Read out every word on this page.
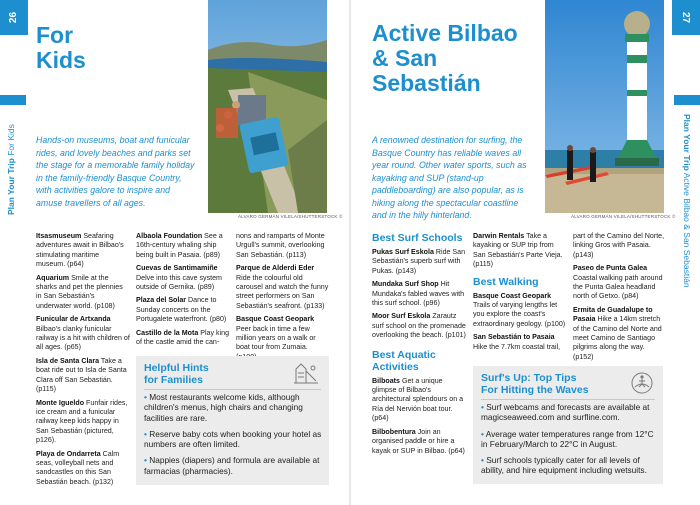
26
Plan Your Trip For Kids
For
Kids
Hands-on museums, boat and funicular rides, and lovely beaches and parks set the stage for a memorable family holiday in the family-friendly Basque Country, with activities galore to inspire and amuse travellers of all ages.
ÁLVARO GERMÁN VILELA/SHUTTERSTOCK ©
Itsasmuseum Seafaring adventures await in Bilbao's stimulating maritime museum. (p64)
Aquarium Smile at the sharks and pet the plennies in San Sebastián's underwater world. (p108)
Funicular de Artxanda Bilbao's clanky funicular railway is a hit with children of all ages. (p65)
Isla de Santa Clara Take a boat ride out to Isla de Santa Clara off San Sebastián. (p115)
Monte Igueldo Funfair rides, ice cream and a funicular railway keep kids happy in San Sebastián (pictured, p126).
Playa de Ondarreta Calm seas, volleyball nets and sandcastles on this San Sebastián beach. (p132)
Albaola Foundation See a 16th-century whaling ship being built in Pasaia. (p89)
Cuevas de Santimamiñe Delve into this cave system outside of Gernika. (p89)
Plaza del Solar Dance to Sunday concerts on the Portugalete waterfront. (p80)
Castillo de la Mota Play king of the castle amid the can-
nons and ramparts of Monte Urgull's summit, overlooking San Sebastián. (p113)
Parque de Alderdi Eder Ride the colourful old carousel and watch the funny street performers on San Sebastián's seafront. (p133)
Basque Coast Geopark Peer back in time a few million years on a walk or boat tour from Zumaia.
Helpful Hints
for Families
• Most restaurants welcome kids, although children's menus, high chairs and changing facilities are rare.
• Reserve baby cots when booking your hotel as numbers are often limited.
• Nappies (diapers) and formula are available at farmacias (pharmacies).
27
Plan Your Trip Active Bilbao & San Sebastián
Active Bilbao
& San
Sebastián
A renowned destination for surfing, the Basque Country has reliable waves all year round. Other water sports, such as kayaking and SUP (stand-up paddleboarding) are also popular, as is hiking along the spectacular coastline and in the hilly hinterland.	ÁLVARO GERMÁN VILELA/SHUTTERSTOCK ©
Best Surf Schools
Pukas Surf Eskola Ride San Sebastián's superb surf with Pukas. (p143)
Mundaka Surf Shop Hit Mundaka's fabled waves with this surf school. (p96)
Moor Surf Eskola Zarautz surf school on the promenade overlooking the beach. (p101)
Best Aquatic Activities
Bilboats Get a unique glimpse of Bilbao's architectural splendours on a Ría del Nervión boat tour. (p64)
Bilbobentura Join an organised paddle or hire a kayak or SUP in Bilbao. (p64)
Darwin Rentals Take a kayaking or SUP trip from San Sebastián's Parte Vieja. (p115)
Best Walking
Basque Coast Geopark Trails of varying lengths let you explore the coast's extraordinary geology. (p100)
San Sebastián to Pasaia Hike the 7.7km coastal trail,
part of the Camino del Norte, linking Gros with Pasaia. (p143)
Paseo de Punta Galea Coastal walking path around the Punta Galea headland north of Getxo. (p84)
Ermita de Guadalupe to Pasaia Hike a 14km stretch of the Camino del Norte and meet Camino de Santiago pilgrims along the way. (p152)
Surf's Up: Top Tips
For Hitting the Waves
• Surf webcams and forecasts are available at magicseaweed.com and surfline.com.
• Average water temperatures range from 12°C in February/March to 22°C in August.
• Surf schools typically cater for all levels of ability, and hire equipment including wetsuits.
